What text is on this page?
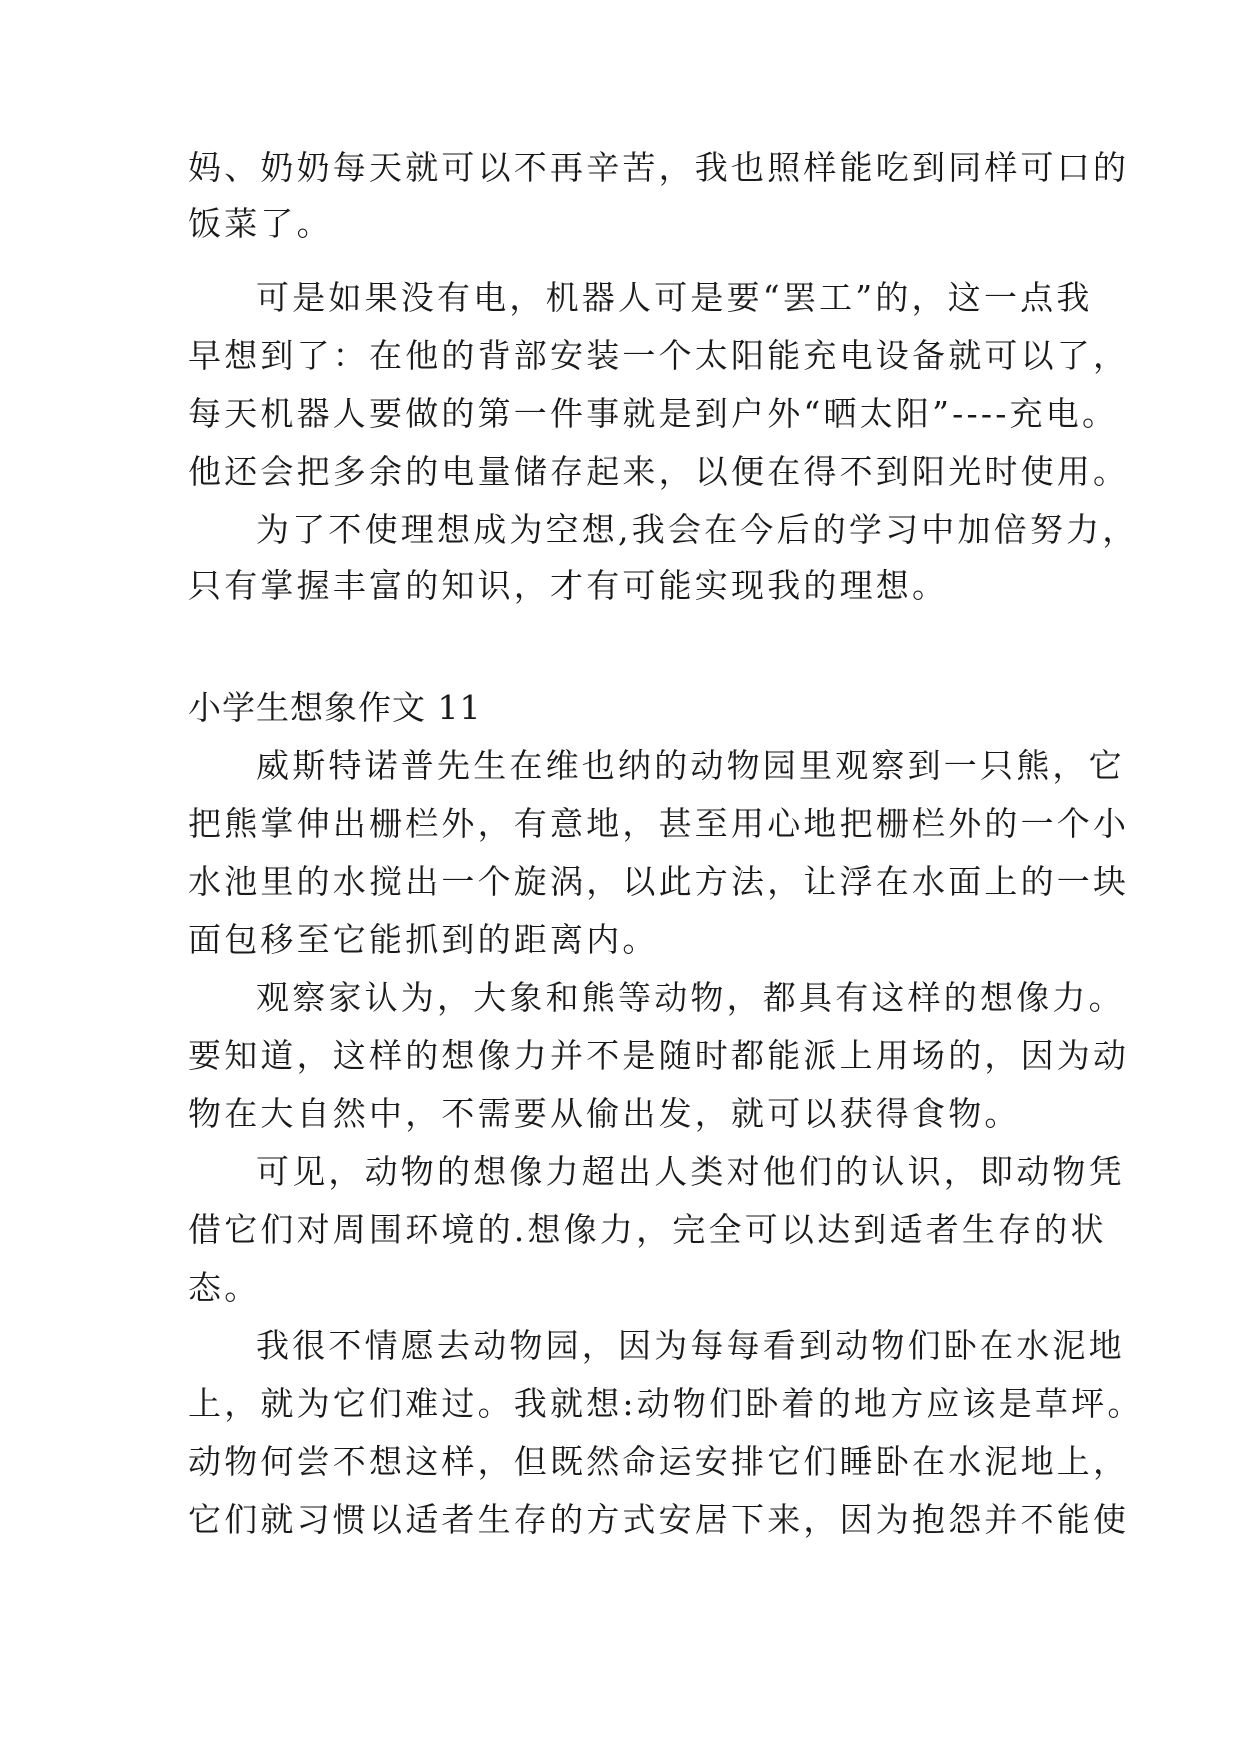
妈、奶奶每天就可以不再辛苦，我也照样能吃到同样可口的
饭菜了。
可是如果没有电，机器人可是要“罢工”的，这一点我
早想到了：在他的背部安装一个太阳能充电设备就可以了，
每天机器人要做的第一件事就是到户外“晒太阳”----充电。
他还会把多余的电量储存起来，以便在得不到阳光时使用。
为了不使理想成为空想,我会在今后的学习中加倍努力，
只有掌握丰富的知识，才有可能实现我的理想。
小学生想象作文 11
威斯特诺普先生在维也纳的动物园里观察到一只熊，它
把熊掌伸出栅栏外，有意地，甚至用心地把栅栏外的一个小
水池里的水搅出一个旋涡，以此方法，让浮在水面上的一块
面包移至它能抓到的距离内。
观察家认为，大象和熊等动物，都具有这样的想像力。
要知道，这样的想像力并不是随时都能派上用场的，因为动
物在大自然中，不需要从偷出发，就可以获得食物。
可见，动物的想像力超出人类对他们的认识，即动物凭
借它们对周围环境的.想像力，完全可以达到适者生存的状
态。
我很不情愿去动物园，因为每每看到动物们卧在水泥地
上，就为它们难过。我就想:动物们卧着的地方应该是草坪。
动物何尝不想这样，但既然命运安排它们睡卧在水泥地上，
它们就习惯以适者生存的方式安居下来，因为抱怨并不能使
